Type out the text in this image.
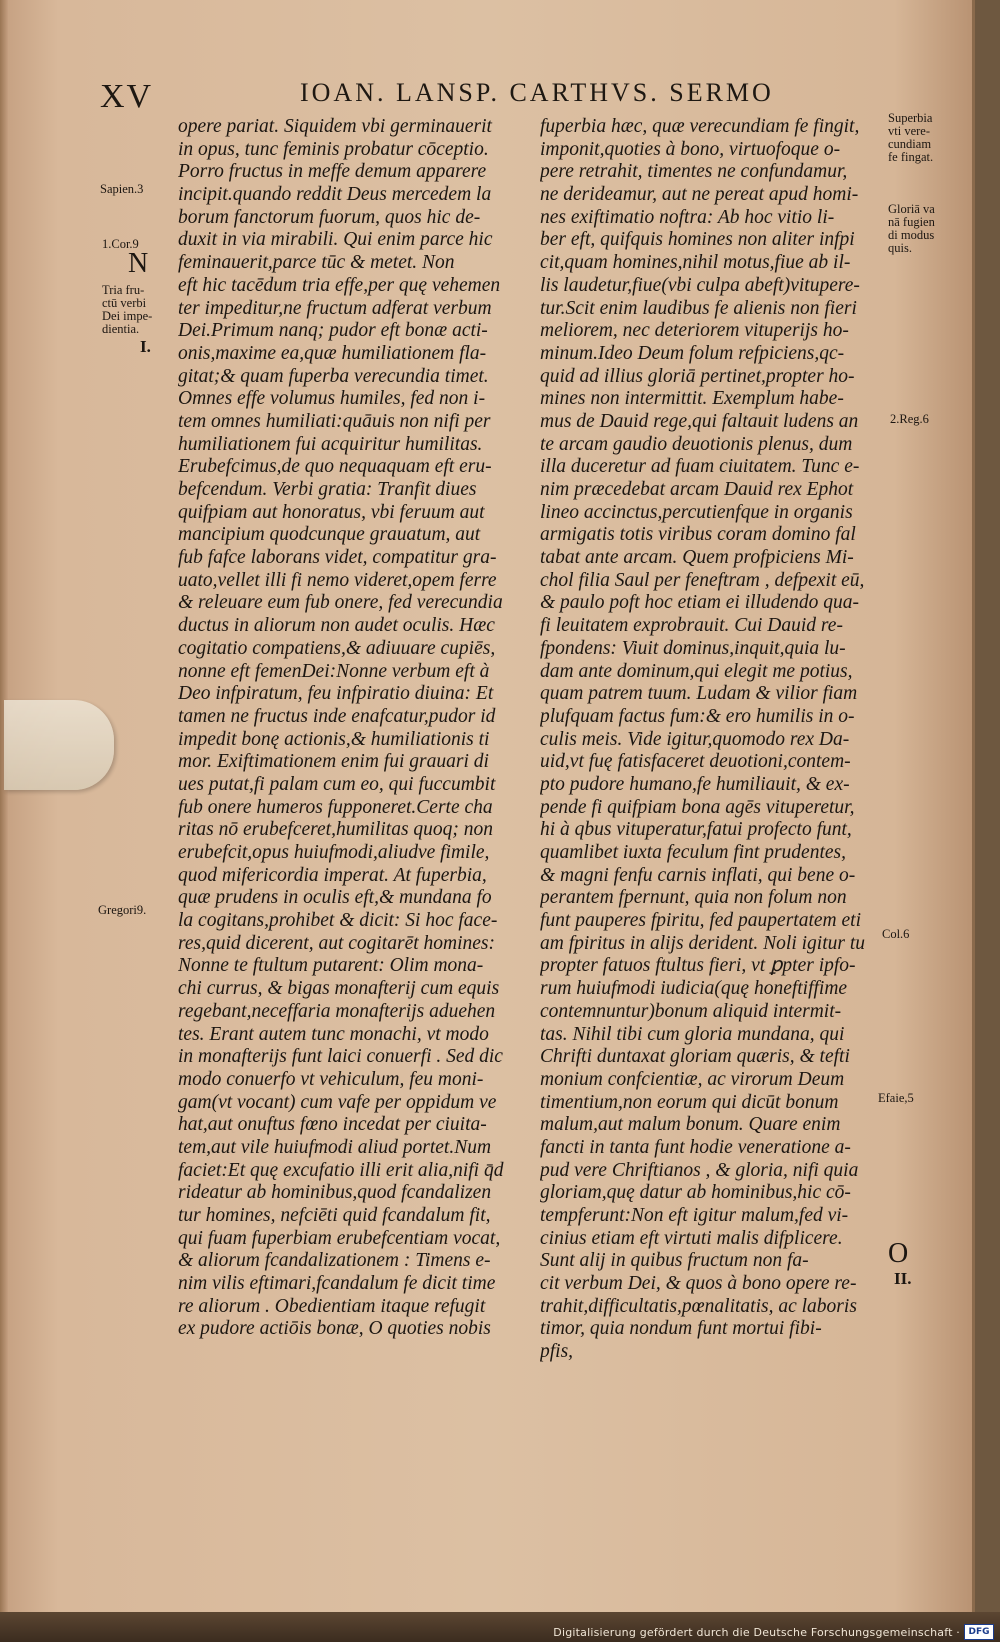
XV	IOAN. LANSP. CARTHVS. SERMO
Sapien.3
1.Cor.9
N
Tria fru-
ctū verbi
Dei impe-
dientia.
I.
Gregori9.
Superbia
vti vere-
cundiam
fe fingat.
Gloriā va
nā fugien
di modus
quis.
2.Reg.6
Col.6
Efaie,5
O
II.
opere pariat. Siquidem vbi germinauerit
in opus, tunc feminis probatur cōceptio.
Porro fructus in meffe demum apparere
incipit.quando reddit Deus mercedem la
borum fanctorum fuorum, quos hic de-
duxit in via mirabili. Qui enim parce hic
feminauerit,parce tūc & metet. Non
eft hic tacēdum tria effe,per quę vehemen
ter impeditur,ne fructum adferat verbum
Dei.Primum nanq; pudor eft bonæ acti-
onis,maxime ea,quæ humiliationem fla-
gitat;& quam fuperba verecundia timet.
Omnes effe volumus humiles, fed non i-
tem omnes humiliati:quāuis non nifi per
humiliationem fui acquiritur humilitas.
Erubefcimus,de quo nequaquam eft eru-
befcendum. Verbi gratia: Tranfit diues
quifpiam aut honoratus, vbi feruum aut
mancipium quodcunque grauatum, aut
fub fafce laborans videt, compatitur gra-
uato,vellet illi fi nemo videret,opem ferre
& releuare eum fub onere, fed verecundia
ductus in aliorum non audet oculis. Hæc
cogitatio compatiens,& adiuuare cupiēs,
nonne eft femenDei:Nonne verbum eft à
Deo infpiratum, feu infpiratio diuina: Et
tamen ne fructus inde enafcatur,pudor id
impedit bonę actionis,& humiliationis ti
mor. Exiftimationem enim fui grauari di
ues putat,fi palam cum eo, qui fuccumbit
fub onere humeros fupponeret.Certe cha
ritas nō erubefceret,humilitas quoq; non
erubefcit,opus huiufmodi,aliudve fimile,
quod mifericordia imperat. At fuperbia,
quæ prudens in oculis eft,& mundana fo
la cogitans,prohibet & dicit: Si hoc face-
res,quid dicerent, aut cogitarēt homines:
Nonne te ftultum putarent: Olim mona-
chi currus, & bigas monafterij cum equis
regebant,neceffaria monafterijs aduehen
tes. Erant autem tunc monachi, vt modo
in monafterijs funt laici conuerfi . Sed dic
modo conuerfo vt vehiculum, feu moni-
gam(vt vocant) cum vafe per oppidum ve
hat,aut onuftus fœno incedat per ciuita-
tem,aut vile huiufmodi aliud portet.Num
faciet:Et quę excufatio illi erit alia,nifi q̄d
rideatur ab hominibus,quod fcandalizen
tur homines, nefciēti quid fcandalum fit,
qui fuam fuperbiam erubefcentiam vocat,
& aliorum fcandalizationem : Timens e-
nim vilis eftimari,fcandalum fe dicit time
re aliorum . Obedientiam itaque refugit
ex pudore actiōis bonæ, O quoties nobis
fuperbia hæc, quæ verecundiam fe fingit,
imponit,quoties à bono, virtuofoque o-
pere retrahit, timentes ne confundamur,
ne derideamur, aut ne pereat apud homi-
nes exiftimatio noftra: Ab hoc vitio li-
ber eft, quifquis homines non aliter infpi
cit,quam homines,nihil motus,fiue ab il-
lis laudetur,fiue(vbi culpa abeft)vitupere-
tur.Scit enim laudibus fe alienis non fieri
meliorem, nec deteriorem vituperijs ho-
minum.Ideo Deum folum refpiciens,qc-
quid ad illius gloriā pertinet,propter ho-
mines non intermittit. Exemplum habe-
mus de Dauid rege,qui faltauit ludens an
te arcam gaudio deuotionis plenus, dum
illa duceretur ad fuam ciuitatem. Tunc e-
nim præcedebat arcam Dauid rex Ephot
lineo accinctus,percutienfque in organis
armigatis totis viribus coram domino fal
tabat ante arcam. Quem profpiciens Mi-
chol filia Saul per feneftram , defpexit eū,
& paulo poft hoc etiam ei illudendo qua-
fi leuitatem exprobrauit. Cui Dauid re-
fpondens: Viuit dominus,inquit,quia lu-
dam ante dominum,qui elegit me potius,
quam patrem tuum. Ludam & vilior fiam
plufquam factus fum:& ero humilis in o-
culis meis. Vide igitur,quomodo rex Da-
uid,vt fuę fatisfaceret deuotioni,contem-
pto pudore humano,fe humiliauit, & ex-
pende fi quifpiam bona agēs vituperetur,
hi à qbus vituperatur,fatui profecto funt,
quamlibet iuxta feculum fint prudentes,
& magni fenfu carnis inflati, qui bene o-
perantem fpernunt, quia non folum non
funt pauperes fpiritu, fed paupertatem eti
am fpiritus in alijs derident. Noli igitur tu
propter fatuos ftultus fieri, vt ꝑpter ipfo-
rum huiufmodi iudicia(quę honeftiffime
contemnuntur)bonum aliquid intermit-
tas. Nihil tibi cum gloria mundana, qui
Chrifti duntaxat gloriam quæris, & tefti
monium confcientiæ, ac virorum Deum
timentium,non eorum qui dicūt bonum
malum,aut malum bonum. Quare enim
fancti in tanta funt hodie veneratione a-
pud vere Chriftianos , & gloria, nifi quia
gloriam,quę datur ab hominibus,hic cō-
tempferunt:Non eft igitur malum,fed vi-
cinius etiam eft virtuti malis difplicere.
Sunt alij in quibus fructum non fa-
cit verbum Dei, & quos à bono opere re-
trahit,difficultatis,pœnalitatis, ac laboris
timor, quia nondum funt mortui fibi-
pfis,
Digitalisierung gefördert durch die Deutsche Forschungsgemeinschaft · DFG
